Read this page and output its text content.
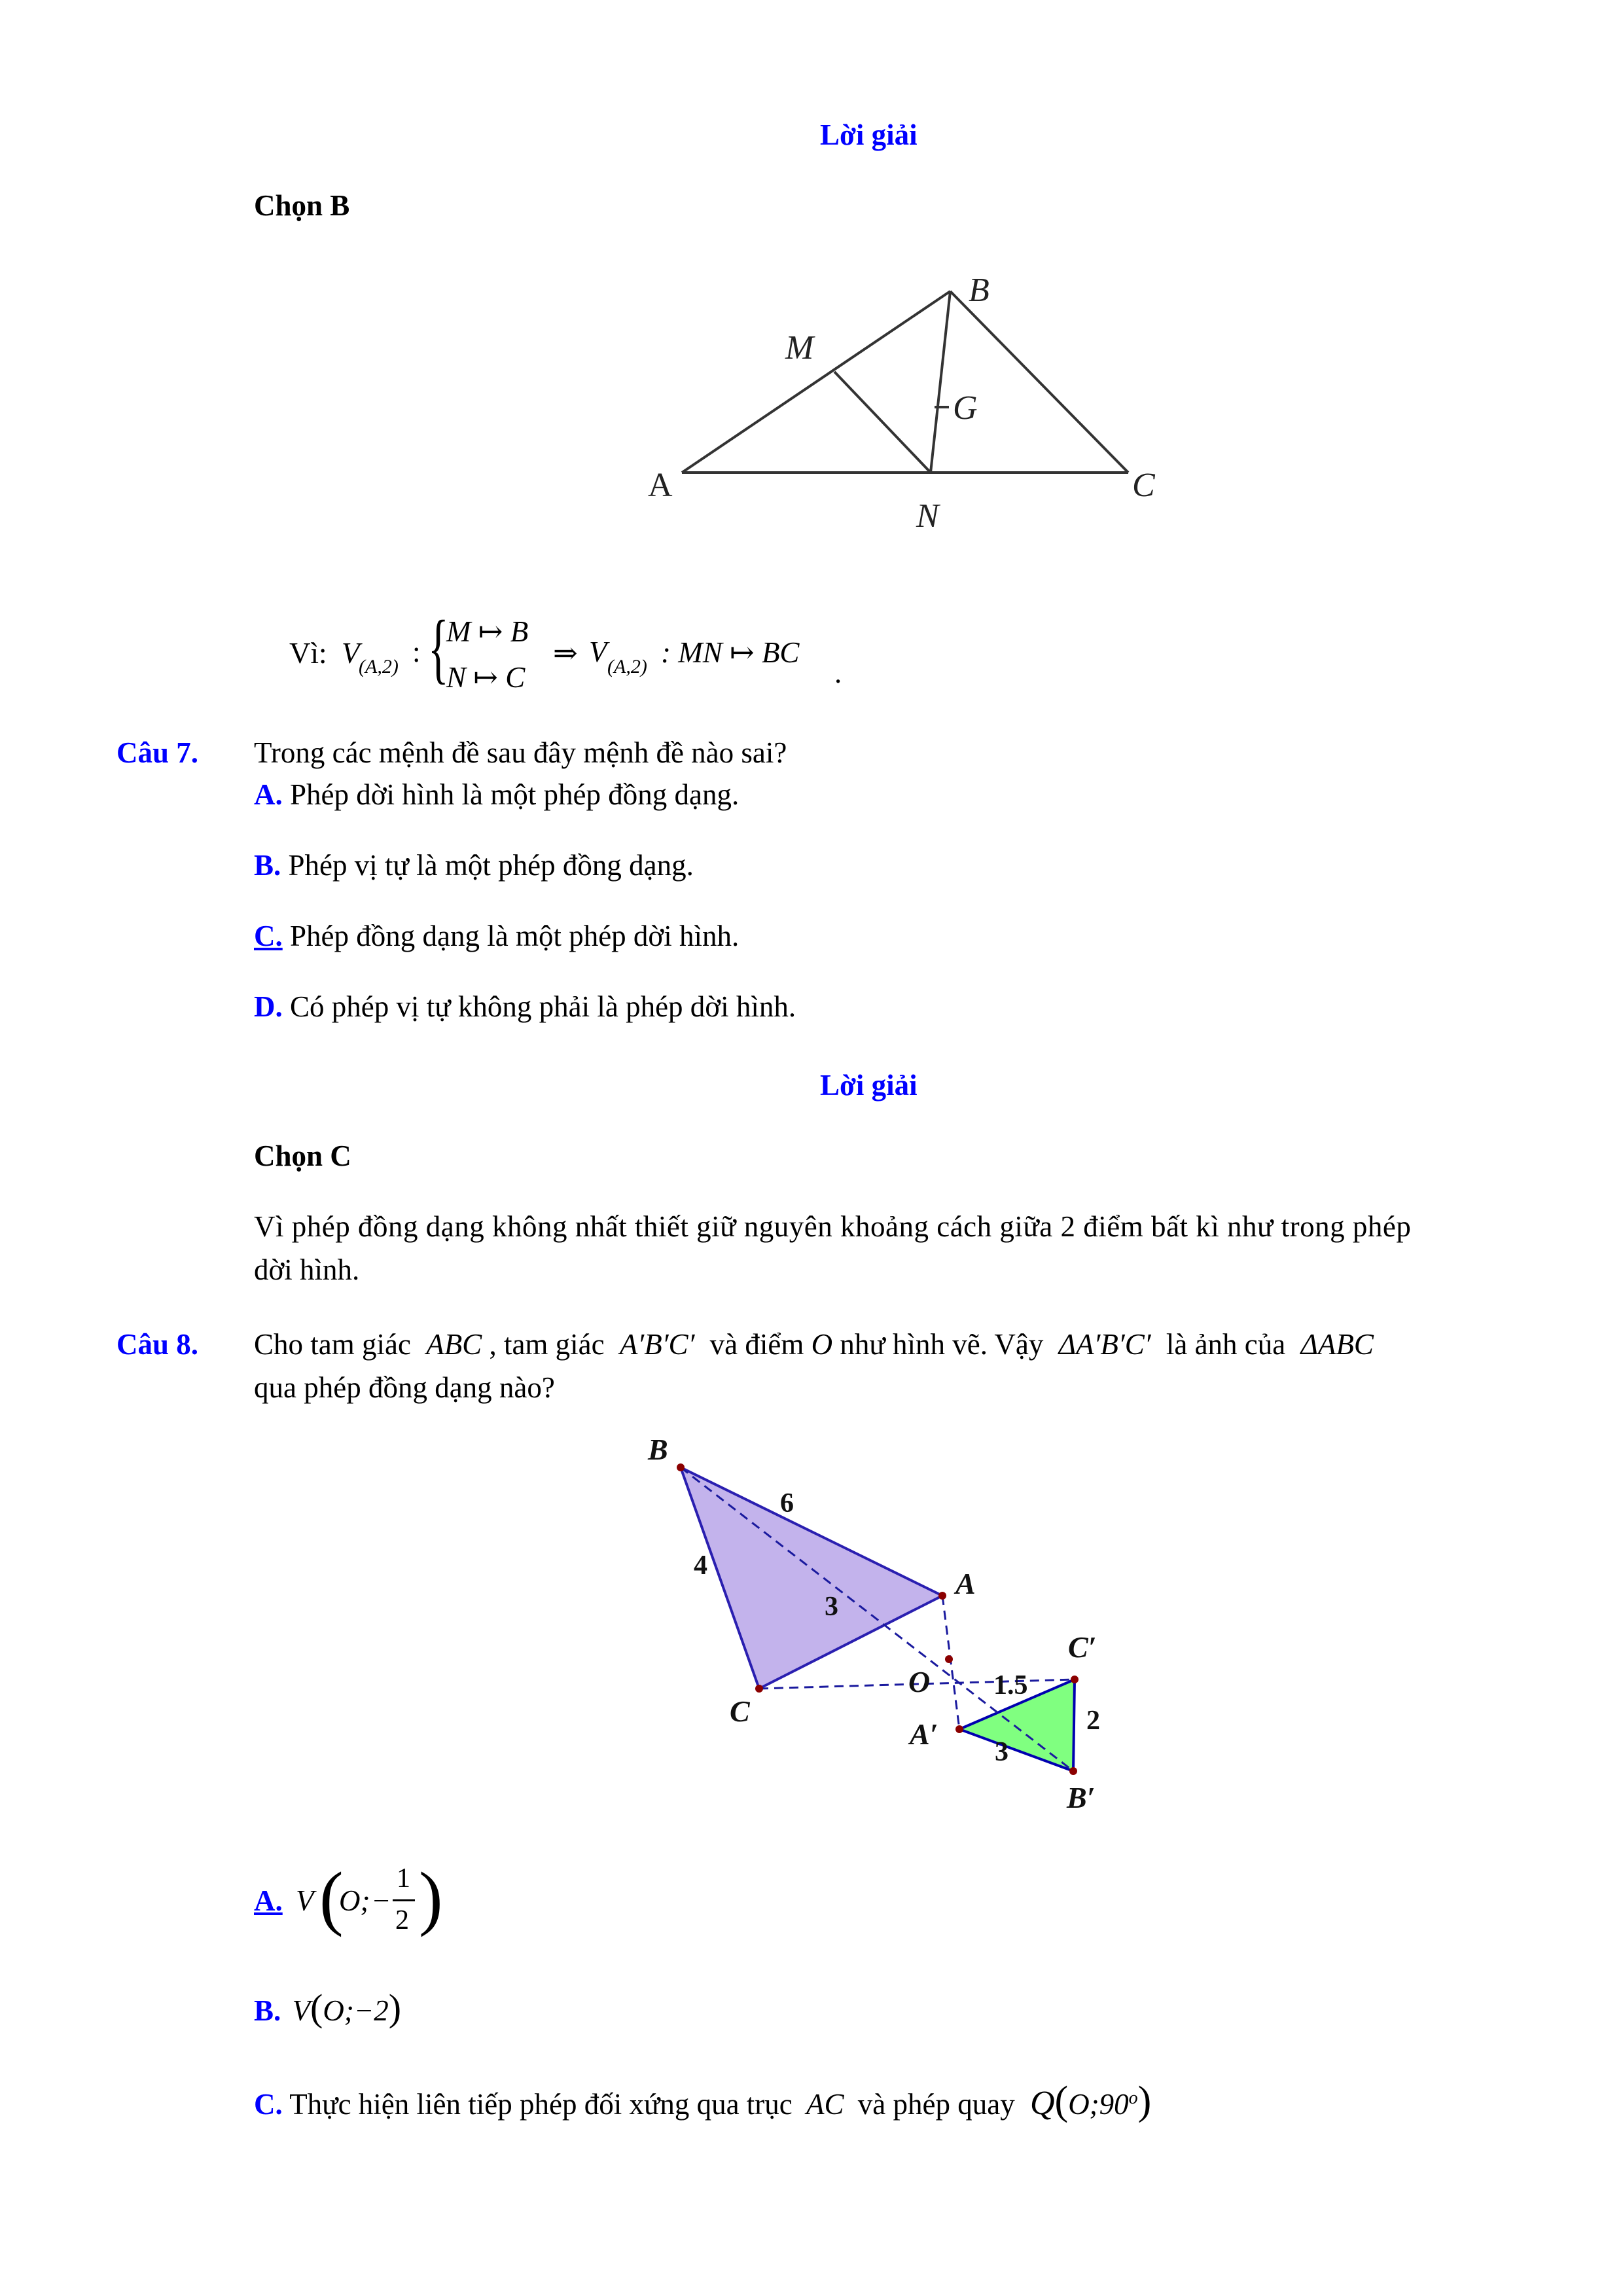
Lời giải
Chọn B
A
B
C
M
N
G
Vì: V
(A,2) : {
M ↦ B
N ↦ C
⇒ V (A,2) : MN ↦ BC
.
Câu 7. Trong các mệnh đề sau đây mệnh đề nào sai?
A. Phép dời hình là một phép đồng dạng.
B. Phép vị tự là một phép đồng dạng.
C. Phép đồng dạng là một phép dời hình.
D. Có phép vị tự không phải là phép dời hình.
Lời giải
Chọn C
Vì phép đồng dạng không nhất thiết giữ nguyên khoảng cách giữa 2 điểm bất kì như trong phép
dời hình.
Câu 8. Cho tam giác ABC , tam giác A′B′C′ và điểm O như hình vẽ. Vậy ΔA′B′C′ là ảnh của ΔABC
qua phép đồng dạng nào?
B
A
C
O
A′
B′
C′
6
4
3
1.5
2
3
A. V (
O; −
1
2 )
B. V(O;−2)
C. Thực hiện liên tiếp phép đối xứng qua trục AC và phép quay Q(O;90$^o$)
